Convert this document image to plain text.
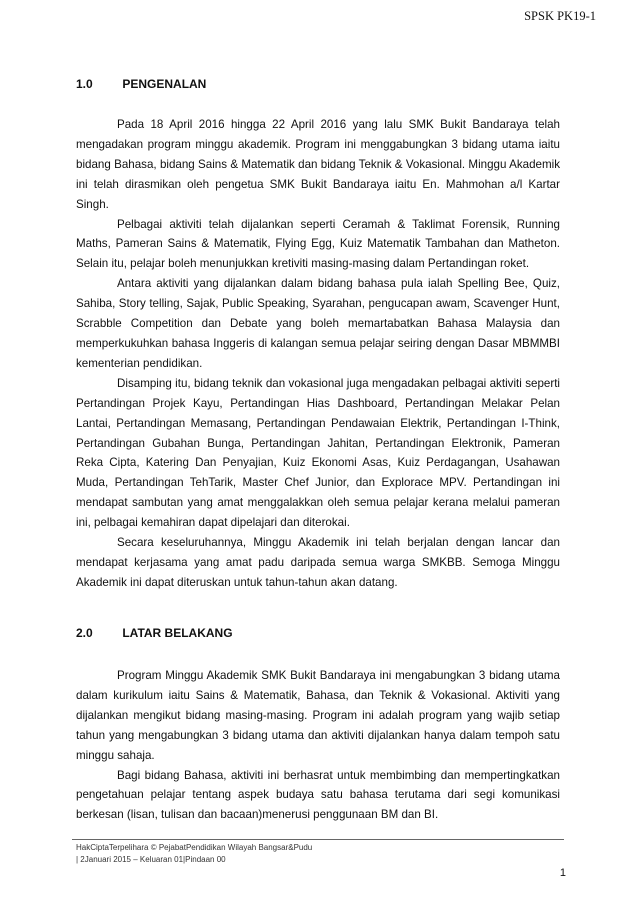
SPSK PK19-1
1.0 PENGENALAN

Pada 18 April 2016 hingga 22 April 2016 yang lalu SMK Bukit Bandaraya telah mengadakan program minggu akademik. Program ini menggabungkan 3 bidang utama iaitu bidang Bahasa, bidang Sains & Matematik dan bidang Teknik & Vokasional. Minggu Akademik ini telah dirasmikan oleh pengetua SMK Bukit Bandaraya iaitu En. Mahmohan a/l Kartar Singh.

Pelbagai aktiviti telah dijalankan seperti Ceramah & Taklimat Forensik, Running Maths, Pameran Sains & Matematik, Flying Egg, Kuiz Matematik Tambahan dan Matheton. Selain itu, pelajar boleh menunjukkan kretiviti masing-masing dalam Pertandingan roket.

Antara aktiviti yang dijalankan dalam bidang bahasa pula ialah Spelling Bee, Quiz, Sahiba, Story telling, Sajak, Public Speaking, Syarahan, pengucapan awam, Scavenger Hunt, Scrabble Competition dan Debate yang boleh memartabatkan Bahasa Malaysia dan memperkukuhkan bahasa Inggeris di kalangan semua pelajar seiring dengan Dasar MBMMBI kementerian pendidikan.

Disamping itu, bidang teknik dan vokasional juga mengadakan pelbagai aktiviti seperti Pertandingan Projek Kayu, Pertandingan Hias Dashboard, Pertandingan Melakar Pelan Lantai, Pertandingan Memasang, Pertandingan Pendawaian Elektrik, Pertandingan I-Think, Pertandingan Gubahan Bunga, Pertandingan Jahitan, Pertandingan Elektronik, Pameran Reka Cipta, Katering Dan Penyajian, Kuiz Ekonomi Asas, Kuiz Perdagangan, Usahawan Muda, Pertandingan TehTarik, Master Chef Junior, dan Explorace MPV. Pertandingan ini mendapat sambutan yang amat menggalakkan oleh semua pelajar kerana melalui pameran ini, pelbagai kemahiran dapat dipelajari dan diterokai.

Secara keseluruhannya, Minggu Akademik ini telah berjalan dengan lancar dan mendapat kerjasama yang amat padu daripada semua warga SMKBB. Semoga Minggu Akademik ini dapat diteruskan untuk tahun-tahun akan datang.

2.0 LATAR BELAKANG

Program Minggu Akademik SMK Bukit Bandaraya ini mengabungkan 3 bidang utama dalam kurikulum iaitu Sains & Matematik, Bahasa, dan Teknik & Vokasional. Aktiviti yang dijalankan mengikut bidang masing-masing. Program ini adalah program yang wajib setiap tahun yang mengabungkan 3 bidang utama dan aktiviti dijalankan hanya dalam tempoh satu minggu sahaja.

Bagi bidang Bahasa, aktiviti ini berhasrat untuk membimbing dan mempertingkatkan pengetahuan pelajar tentang aspek budaya satu bahasa terutama dari segi komunikasi berkesan (lisan, tulisan dan bacaan)menerusi penggunaan BM dan BI.

HakCiptaTerpelihara © PejabatPendidikan Wilayah Bangsar&Pudu
| 2Januari 2015 – Keluaran 01|Pindaan 00
1
